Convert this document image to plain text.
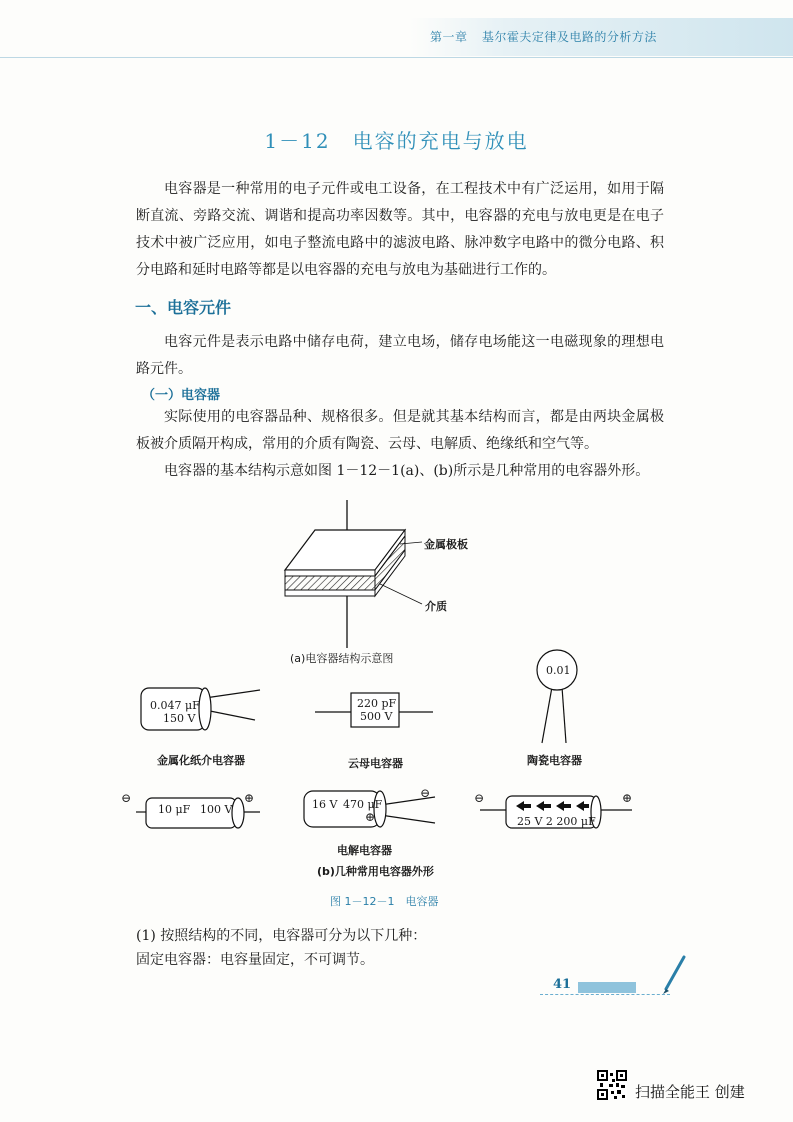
第一章 基尔霍夫定律及电路的分析方法
1－12　 电容的充电与放电
电容器是一种常用的电子元件或电工设备，在工程技术中有广泛运用，如用于隔断直流、旁路交流、调谐和提高功率因数等。其中，电容器的充电与放电更是在电子技术中被广泛应用，如电子整流电路中的滤波电路、脉冲数字电路中的微分电路、积分电路和延时电路等都是以电容器的充电与放电为基础进行工作的。
一、电容元件
电容元件是表示电路中储存电荷，建立电场，储存电场能这一电磁现象的理想电路元件。
（一）电容器
实际使用的电容器品种、规格很多。但是就其基本结构而言，都是由两块金属极板被介质隔开构成，常用的介质有陶瓷、云母、电解质、绝缘纸和空气等。
电容器的基本结构示意如图 1－12－1(a)、(b)所示是几种常用的电容器外形。
金属极板
介质
(a)电容器结构示意图
0.047 μF
150 V
金属化纸介电容器
220 pF
500 V
云母电容器
0.01
陶瓷电容器
⊖	⊕
10 μF 100 V	16 V 470 μF
⊖
⊕
⊖	⊕
25 V 2 200 μF
电解电容器
(b)几种常用电容器外形
图 1－12－1　电容器
(1) 按照结构的不同，电容器可分为以下几种：
固定电容器：电容量固定，不可调节。
41
扫描全能王 创建
